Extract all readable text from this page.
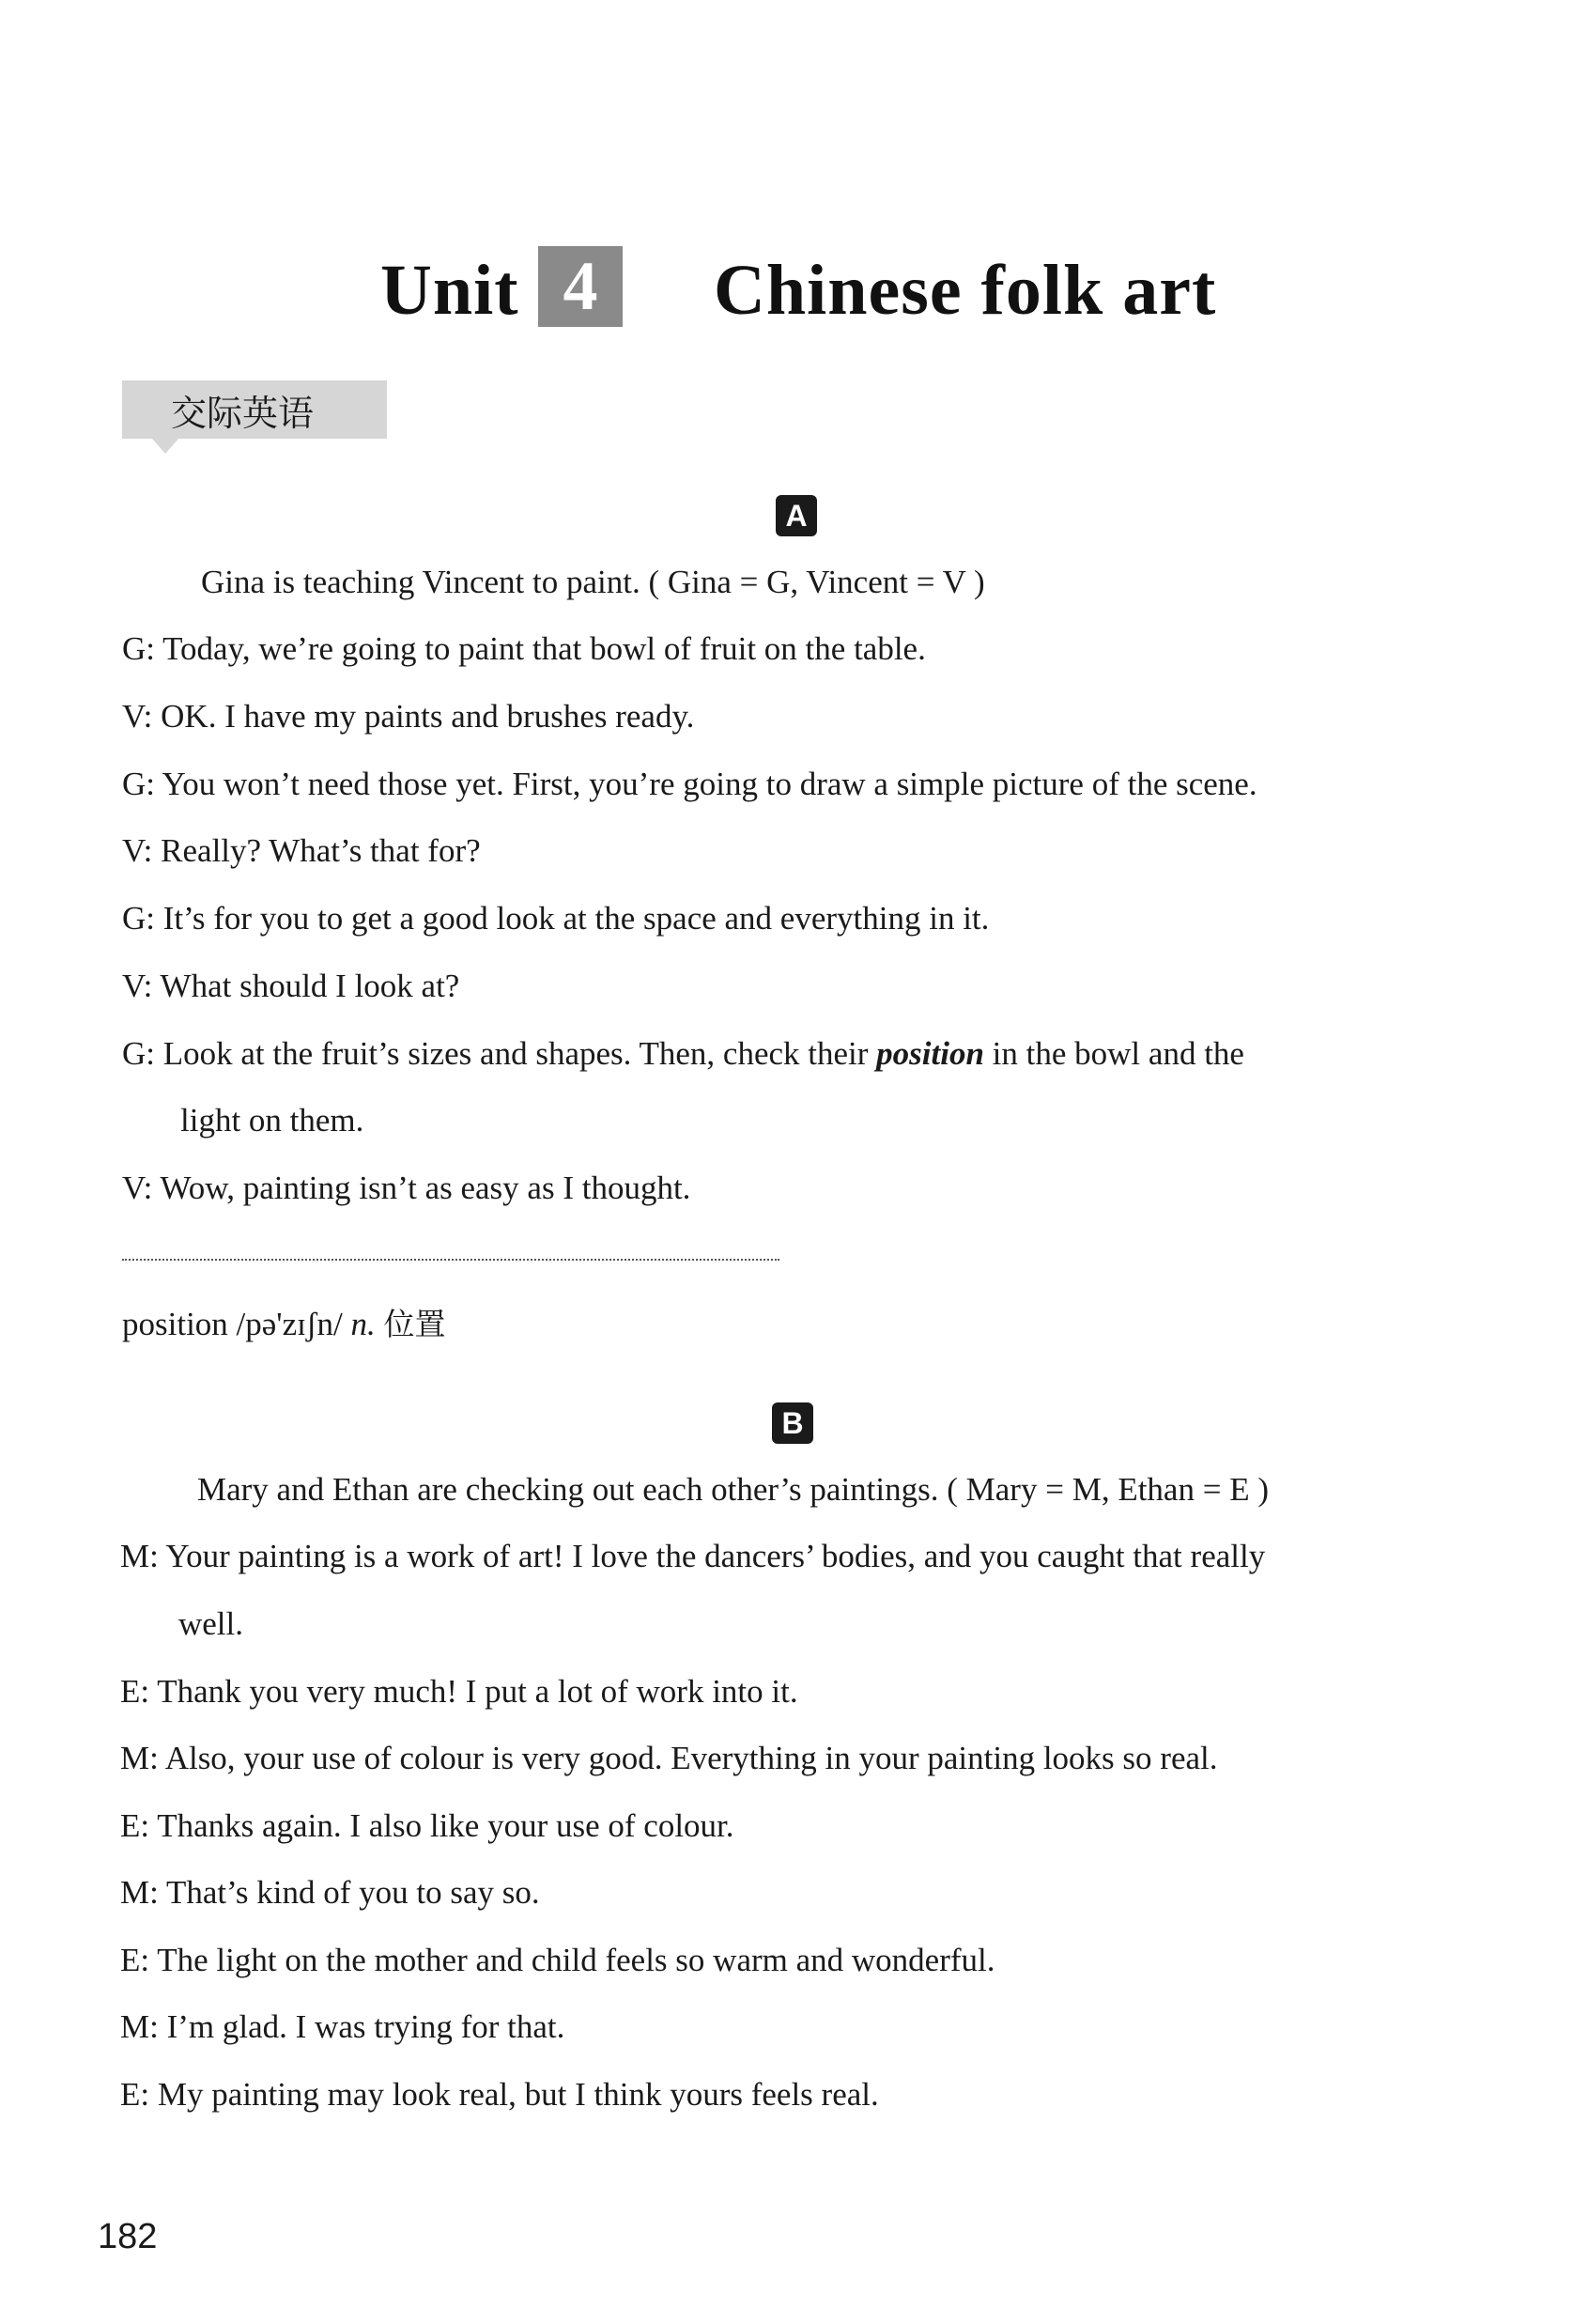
Unit 4	Chinese folk art
交际英语
A
Gina is teaching Vincent to paint. ( Gina = G, Vincent = V )
G: Today, we’re going to paint that bowl of fruit on the table.
V: OK. I have my paints and brushes ready.
G: You won’t need those yet. First, you’re going to draw a simple picture of the scene.
V: Really? What’s that for?
G: It’s for you to get a good look at the space and everything in it.
V: What should I look at?
G: Look at the fruit’s sizes and shapes. Then, check their position in the bowl and the
light on them.
V: Wow, painting isn’t as easy as I thought.
position /pə'zɪʃn/ n. 位置
B
Mary and Ethan are checking out each other’s paintings. ( Mary = M, Ethan = E )
M: Your painting is a work of art! I love the dancers’ bodies, and you caught that really
well.
E: Thank you very much! I put a lot of work into it.
M: Also, your use of colour is very good. Everything in your painting looks so real.
E: Thanks again. I also like your use of colour.
M: That’s kind of you to say so.
E: The light on the mother and child feels so warm and wonderful.
M: I’m glad. I was trying for that.
E: My painting may look real, but I think yours feels real.
182
